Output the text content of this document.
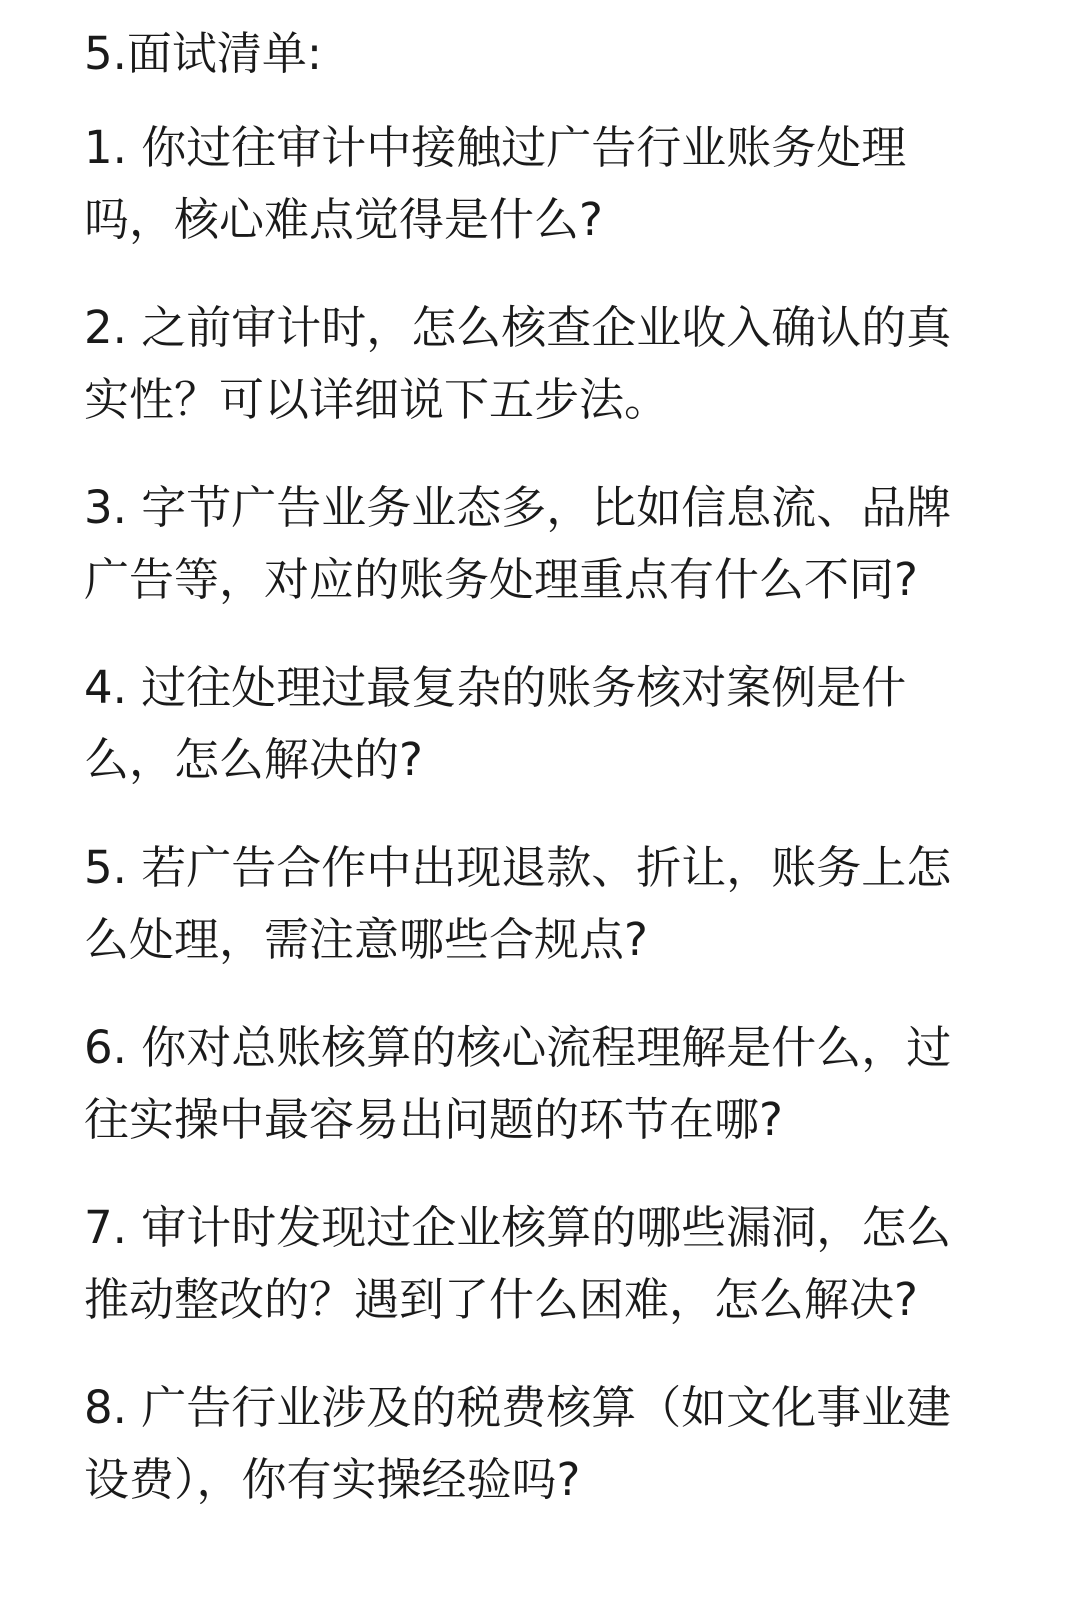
5.面试清单:
1. 你过往审计中接触过广告行业账务处理
吗，核心难点觉得是什么?
2. 之前审计时，怎么核查企业收入确认的真
实性？可以详细说下五步法。
3. 字节广告业务业态多，比如信息流、品牌
广告等，对应的账务处理重点有什么不同?
4. 过往处理过最复杂的账务核对案例是什
么，怎么解决的?
5. 若广告合作中出现退款、折让，账务上怎
么处理，需注意哪些合规点?
6. 你对总账核算的核心流程理解是什么，过
往实操中最容易出问题的环节在哪?
7. 审计时发现过企业核算的哪些漏洞，怎么
推动整改的？遇到了什么困难，怎么解决?
8. 广告行业涉及的税费核算（如文化事业建
设费），你有实操经验吗?
